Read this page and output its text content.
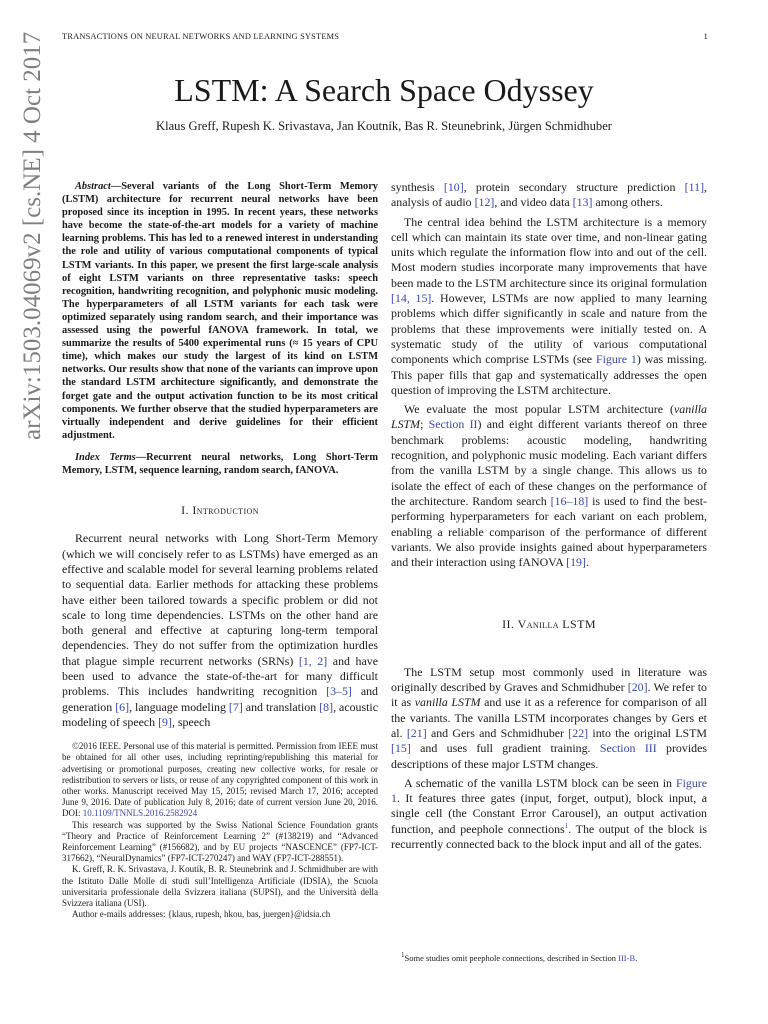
TRANSACTIONS ON NEURAL NETWORKS AND LEARNING SYSTEMS	1
LSTM: A Search Space Odyssey
Klaus Greff, Rupesh K. Srivastava, Jan Koutník, Bas R. Steunebrink, Jürgen Schmidhuber
arXiv:1503.04069v2 [cs.NE] 4 Oct 2017	Abstract—Several variants of the Long Short-Term Memory (LSTM) architecture for recurrent neural networks have been proposed since its inception in 1995. In recent years, these networks have become the state-of-the-art models for a variety of machine learning problems. This has led to a renewed interest in understanding the role and utility of various computational components of typical LSTM variants. In this paper, we present the first large-scale analysis of eight LSTM variants on three representative tasks: speech recognition, handwriting recognition, and polyphonic music modeling. The hyperparameters of all LSTM variants for each task were optimized separately using random search, and their importance was assessed using the powerful fANOVA framework. In total, we summarize the results of 5400 experimental runs (≈ 15 years of CPU time), which makes our study the largest of its kind on LSTM networks. Our results show that none of the variants can improve upon the standard LSTM architecture significantly, and demonstrate the forget gate and the output activation function to be its most critical components. We further observe that the studied hyperparameters are virtually independent and derive guidelines for their efficient adjustment.

Index Terms—Recurrent neural networks, Long Short-Term Memory, LSTM, sequence learning, random search, fANOVA.

I. Introduction

Recurrent neural networks with Long Short-Term Memory (which we will concisely refer to as LSTMs) have emerged as an effective and scalable model for several learning problems related to sequential data. Earlier methods for attacking these problems have either been tailored towards a specific problem or did not scale to long time dependencies. LSTMs on the other hand are both general and effective at capturing long-term temporal dependencies. They do not suffer from the optimization hurdles that plague simple recurrent networks (SRNs) [1, 2] and have been used to advance the state-of-the-art for many difficult problems. This includes handwriting recognition [3–5] and generation [6], language modeling [7] and translation [8], acoustic modeling of speech [9], speech

©2016 IEEE. Personal use of this material is permitted. Permission from IEEE must be obtained for all other uses, including reprinting/republishing this material for advertising or promotional purposes, creating new collective works, for resale or redistribution to servers or lists, or reuse of any copyrighted component of this work in other works. Manuscript received May 15, 2015; revised March 17, 2016; accepted June 9, 2016. Date of publication July 8, 2016; date of current version June 20, 2016. DOI: 10.1109/TNNLS.2016.2582924

This research was supported by the Swiss National Science Foundation grants “Theory and Practice of Reinforcement Learning 2” (#138219) and “Advanced Reinforcement Learning” (#156682), and by EU projects “NASCENCE” (FP7-ICT-317662), “NeuralDynamics” (FP7-ICT-270247) and WAY (FP7-ICT-288551).

K. Greff, R. K. Srivastava, J. Koutík, B. R. Steunebrink and J. Schmidhuber are with the Istituto Dalle Molle di studi sull’Intelligenza Artificiale (IDSIA), the Scuola universitaria professionale della Svizzera italiana (SUPSI), and the Università della Svizzera italiana (USI).

Author e-mails addresses: {klaus, rupesh, hkou, bas, juergen}@idsia.ch

synthesis [10], protein secondary structure prediction [11], analysis of audio [12], and video data [13] among others.

The central idea behind the LSTM architecture is a memory cell which can maintain its state over time, and non-linear gating units which regulate the information flow into and out of the cell. Most modern studies incorporate many improvements that have been made to the LSTM architecture since its original formulation [14, 15]. However, LSTMs are now applied to many learning problems which differ significantly in scale and nature from the problems that these improvements were initially tested on. A systematic study of the utility of various computational components which comprise LSTMs (see Figure 1) was missing. This paper fills that gap and systematically addresses the open question of improving the LSTM architecture.

We evaluate the most popular LSTM architecture (vanilla LSTM; Section II) and eight different variants thereof on three benchmark problems: acoustic modeling, handwriting recognition, and polyphonic music modeling. Each variant differs from the vanilla LSTM by a single change. This allows us to isolate the effect of each of these changes on the performance of the architecture. Random search [16–18] is used to find the best-performing hyperparameters for each variant on each problem, enabling a reliable comparison of the performance of different variants. We also provide insights gained about hyperparameters and their interaction using fANOVA [19].

II. Vanilla LSTM

The LSTM setup most commonly used in literature was originally described by Graves and Schmidhuber [20]. We refer to it as vanilla LSTM and use it as a reference for comparison of all the variants. The vanilla LSTM incorporates changes by Gers et al. [21] and Gers and Schmidhuber [22] into the original LSTM [15] and uses full gradient training. Section III provides descriptions of these major LSTM changes.

A schematic of the vanilla LSTM block can be seen in Figure 1. It features three gates (input, forget, output), block input, a single cell (the Constant Error Carousel), an output activation function, and peephole connections$^1$. The output of the block is recurrently connected back to the block input and all of the gates.

$^1$Some studies omit peephole connections, described in Section III-B.
